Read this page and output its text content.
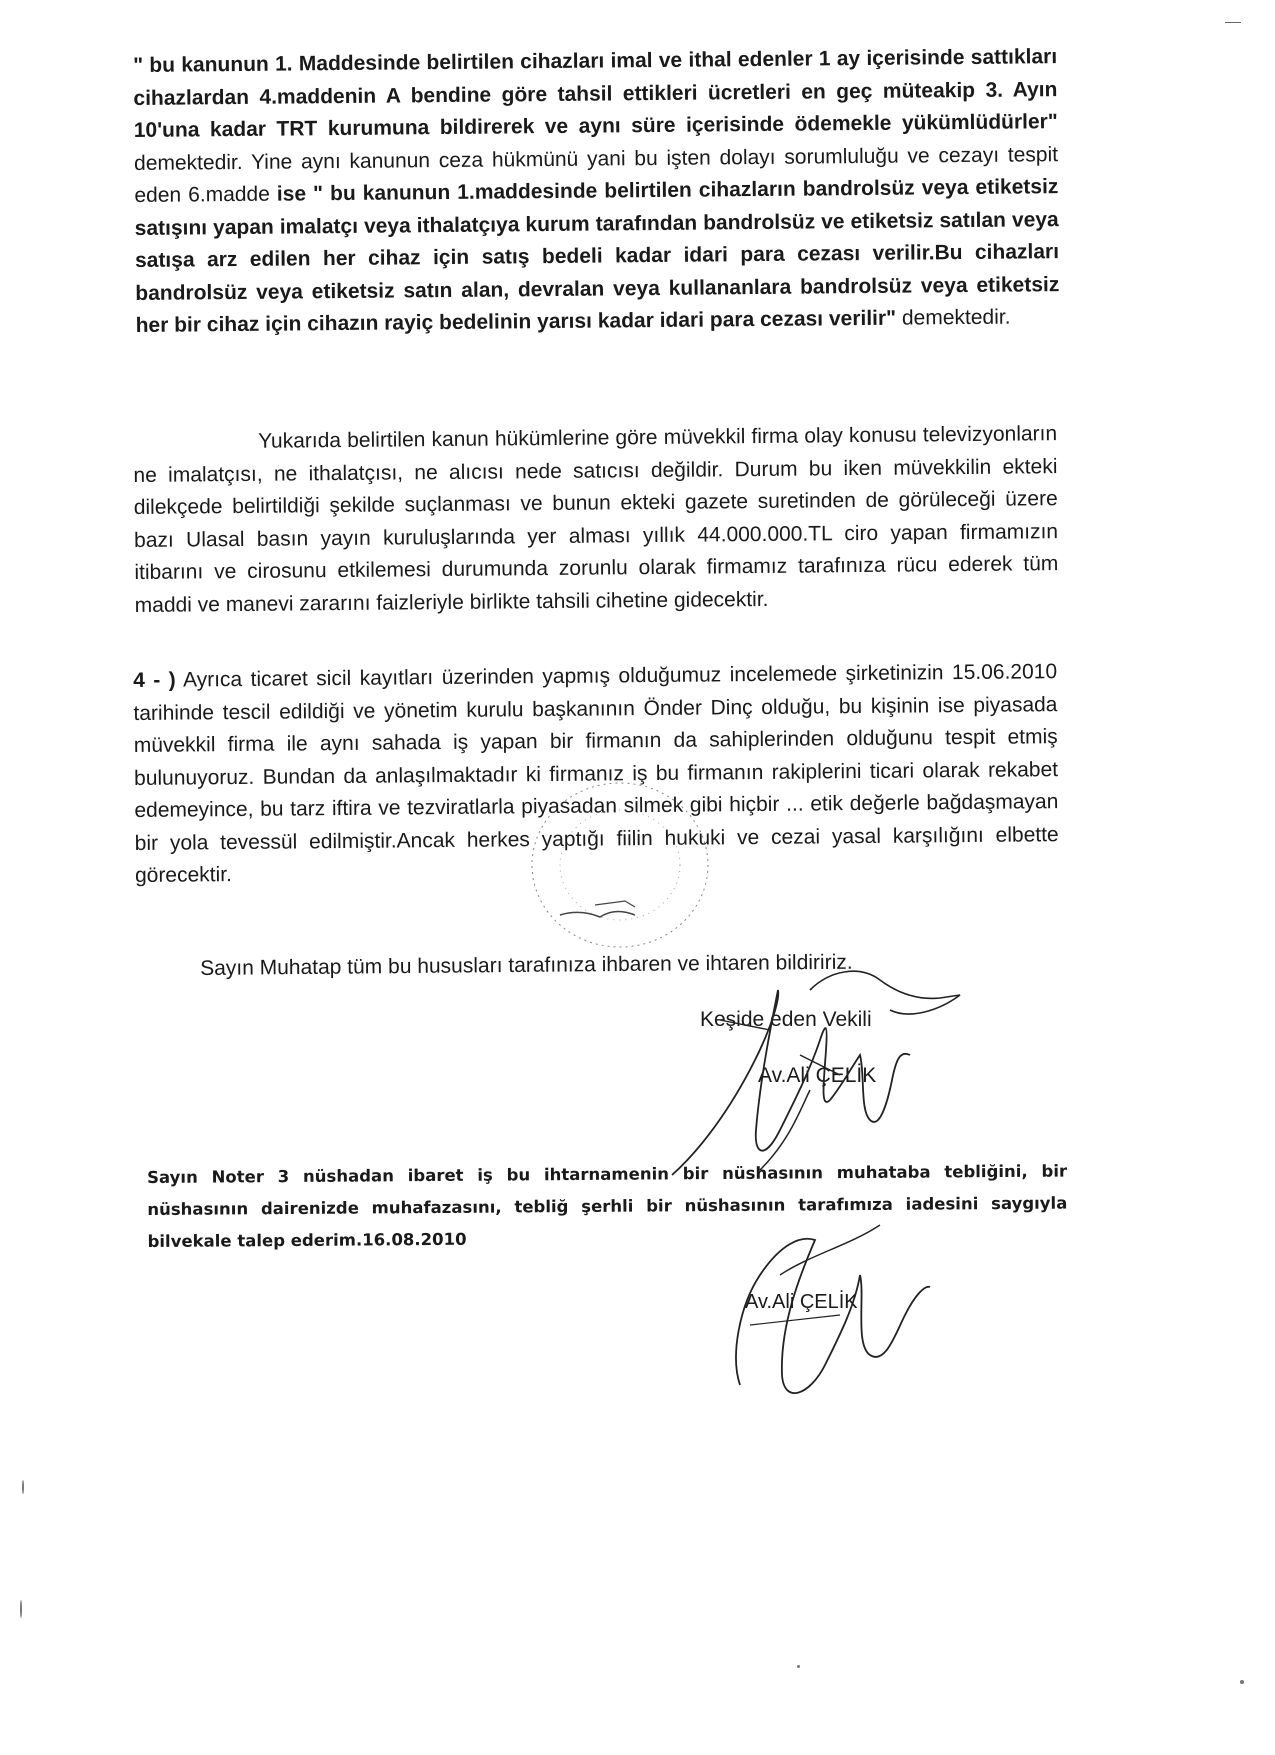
" bu kanunun 1. Maddesinde belirtilen cihazları imal ve ithal edenler 1 ay içerisinde sattıkları cihazlardan 4.maddenin A bendine göre tahsil ettikleri ücretleri en geç müteakip 3. Ayın 10'una kadar TRT kurumuna bildirerek ve aynı süre içerisinde ödemekle yükümlüdürler" demektedir. Yine aynı kanunun ceza hükmünü yani bu işten dolayı sorumluluğu ve cezayı tespit eden 6.madde ise " bu kanunun 1.maddesinde belirtilen cihazların bandrolsüz veya etiketsiz satışını yapan imalatçı veya ithalatçıya kurum tarafından bandrolsüz ve etiketsiz satılan veya satışa arz edilen her cihaz için satış bedeli kadar idari para cezası verilir.Bu cihazları bandrolsüz veya etiketsiz satın alan, devralan veya kullananlara bandrolsüz veya etiketsiz her bir cihaz için cihazın rayiç bedelinin yarısı kadar idari para cezası verilir" demektedir.
Yukarıda belirtilen kanun hükümlerine göre müvekkil firma olay konusu televizyonların ne imalatçısı, ne ithalatçısı, ne alıcısı nede satıcısı değildir. Durum bu iken müvekkilin ekteki dilekçede belirtildiği şekilde suçlanması ve bunun ekteki gazete suretinden de görüleceği üzere bazı Ulasal basın yayın kuruluşlarında yer alması yıllık 44.000.000.TL ciro yapan firmamızın itibarını ve cirosunu etkilemesi durumunda zorunlu olarak firmamız tarafınıza rücu ederek tüm maddi ve manevi zararını faizleriyle birlikte tahsili cihetine gidecektir.
4 - ) Ayrıca ticaret sicil kayıtları üzerinden yapmış olduğumuz incelemede şirketinizin 15.06.2010 tarihinde tescil edildiği ve yönetim kurulu başkanının Önder Dinç olduğu, bu kişinin ise piyasada müvekkil firma ile aynı sahada iş yapan bir firmanın da sahiplerinden olduğunu tespit etmiş bulunuyoruz. Bundan da anlaşılmaktadır ki firmanız iş bu firmanın rakiplerini ticari olarak rekabet edemeyince, bu tarz iftira ve tezviratlarla piyasadan silmek gibi hiçbir ... etik değerle bağdaşmayan bir yola tevessül edilmiştir.Ancak herkes yaptığı fiilin hukuki ve cezai yasal karşılığını elbette görecektir.
Sayın Muhatap tüm bu hususları tarafınıza ihbaren ve ihtaren bildiririz.
Keşide eden Vekili
Av.Ali ÇELİK
Sayın Noter 3 nüshadan ibaret iş bu ihtarnamenin bir nüshasının muhataba tebliğini, bir nüshasının dairenizde muhafazasını, tebliğ şerhli bir nüshasının tarafımıza iadesini saygıyla bilvekale talep ederim.16.08.2010
Av.Ali ÇELİK
